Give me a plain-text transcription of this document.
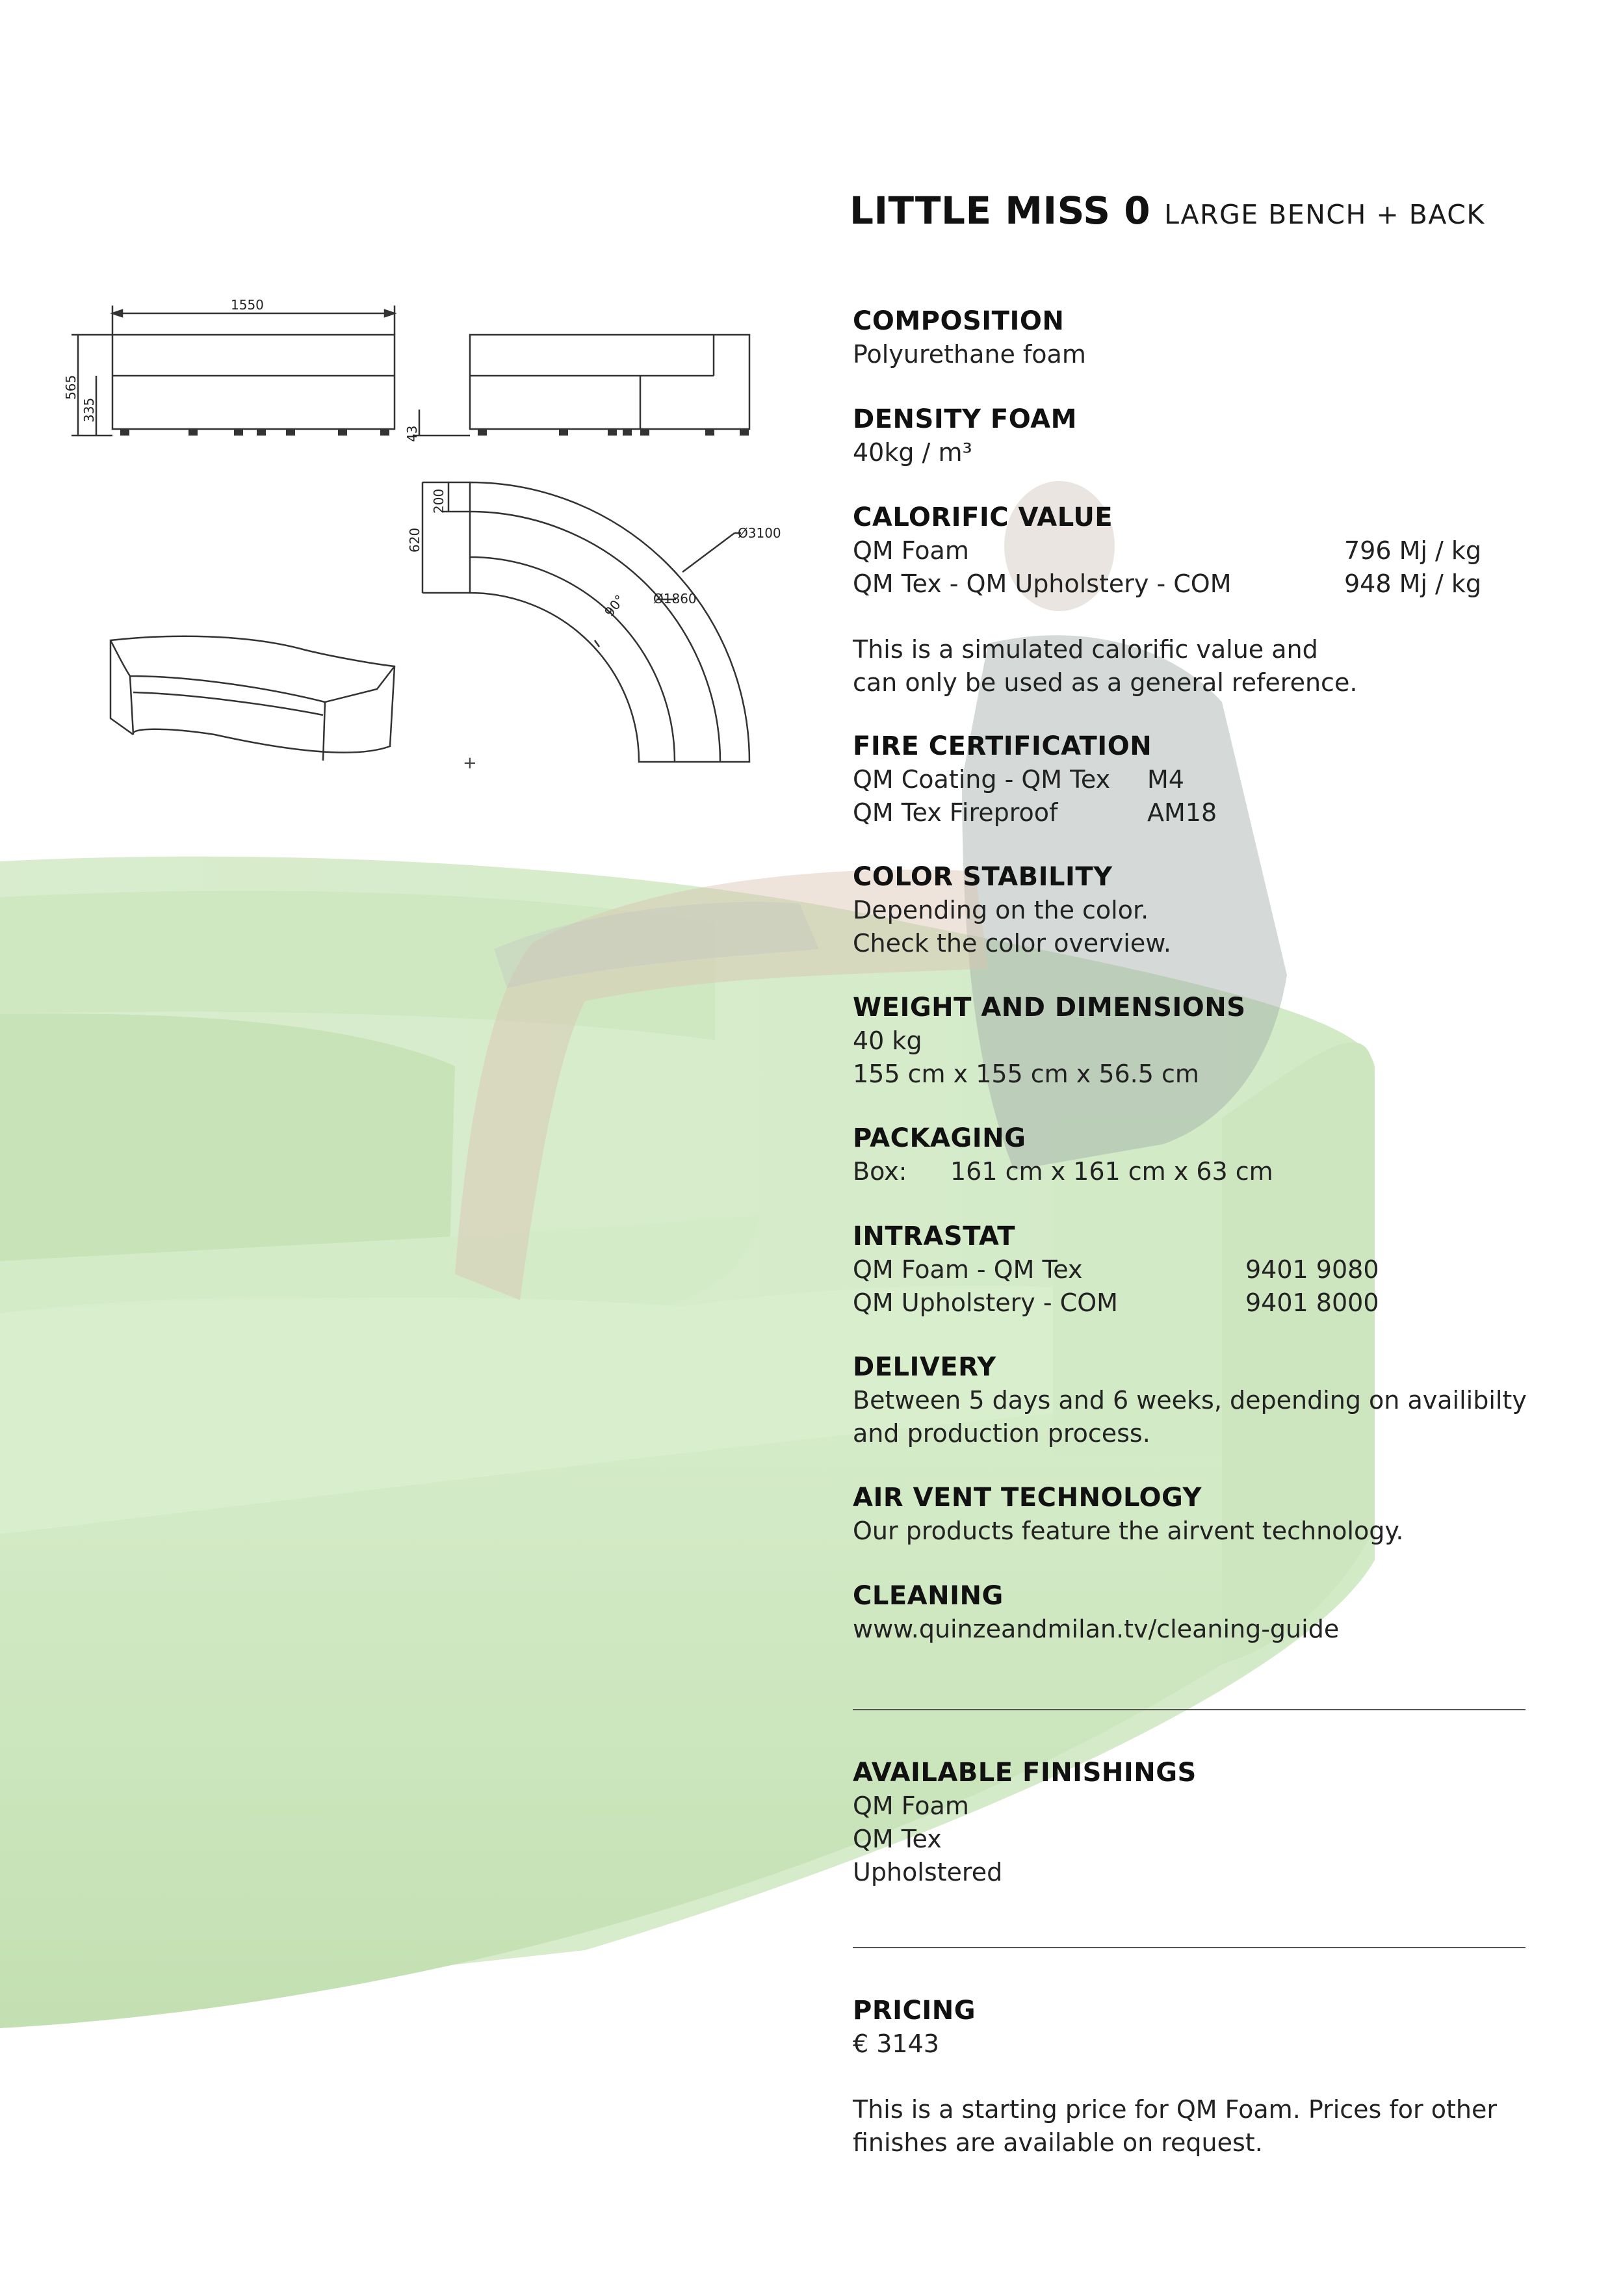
1550
565
335
43
200
620	Ø3100
Ø1860
90°
+
LITTLE MISS 0 LARGE BENCH + BACK
COMPOSITION
Polyurethane foam
DENSITY FOAM
40kg / m³
CALORIFIC VALUE
QM Foam	796 Mj / kg
QM Tex - QM Upholstery - COM	948 Mj / kg
This is a simulated calorific value and
can only be used as a general reference.
FIRE CERTIFICATION
QM Coating - QM Tex M4
QM Tex Fireproof	AM18
COLOR STABILITY
Depending on the color.
Check the color overview.
WEIGHT AND DIMENSIONS
40 kg
155 cm x 155 cm x 56.5 cm
PACKAGING
Box: 161 cm x 161 cm x 63 cm
INTRASTAT
QM Foam - QM Tex	9401 9080
QM Upholstery - COM	9401 8000
DELIVERY
Between 5 days and 6 weeks, depending on availibilty
and production process.
AIR VENT TECHNOLOGY
Our products feature the airvent technology.
CLEANING
www.quinzeandmilan.tv/cleaning-guide
AVAILABLE FINISHINGS
QM Foam
QM Tex
Upholstered
PRICING
€ 3143
This is a starting price for QM Foam. Prices for other
finishes are available on request.
